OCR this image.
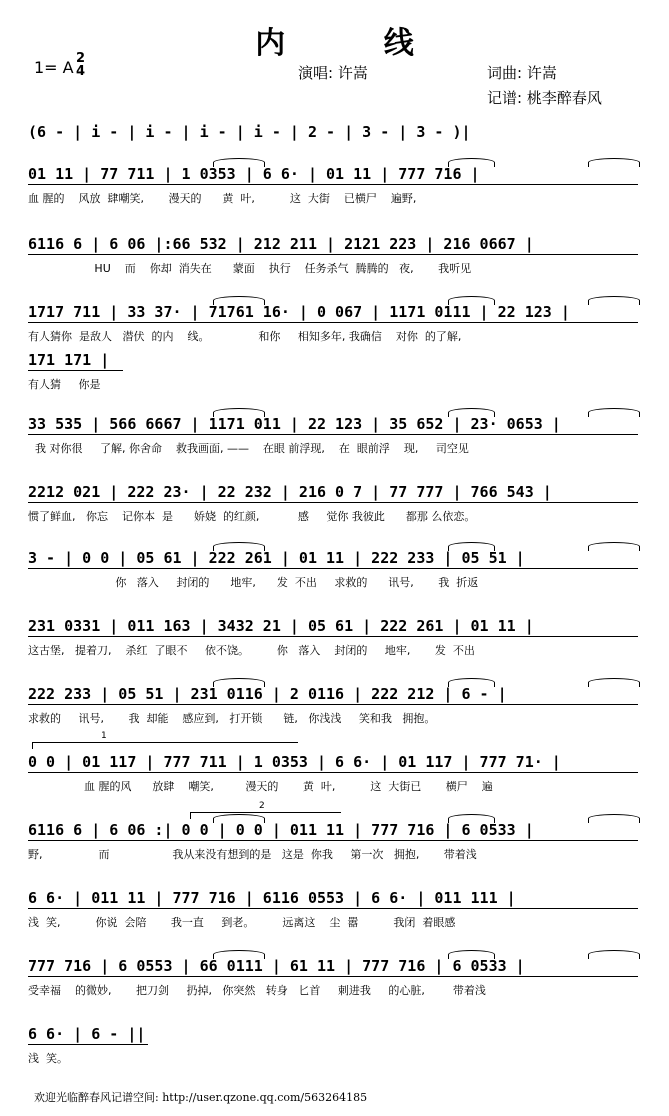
内 线
1= A 2
4	演唱: 许嵩	词曲: 许嵩
记谱: 桃李醉春风
(6 - | i - | i - | i - | i - | 2 - | 3 - | 3 - )|
01 11 | 77 711 | 1 0353 | 6 6· | 01 11 | 777 716 |
血 腥的    风放  肆嘲笑,       漫天的      黄  叶,          这  大街    已横尸    遍野,
6116 6 | 6 06 |:66 532 | 212 211 | 2121 223 | 216 0667 |
HU    而    你却  消失在      蒙面    执行    任务杀气  腾腾的   夜,       我听见
1717 711 | 33 37· | 71761 16· | 0 067 | 1171 0111 | 22 123 |
有人猜你  是敌人   潜伏  的内    线。              和你     相知多年, 我确信    对你  的了解,
171 171 |
有人猜     你是
33 535 | 566 6667 | 1171 011 | 22 123 | 35 652 | 23· 0653 |
我 对你很     了解, 你舍命    救我画面, ——    在眼 前浮现,    在  眼前浮    现,     司空见
2212 021 | 222 23· | 22 232 | 216 0 7 | 77 777 | 766 543 |
惯了鲜血,   你忘    记你本  是      娇娆  的红颜,           感     觉你 我彼此      都那 么依恋。
3 - | 0 0 | 05 61 | 222 261 | 01 11 | 222 233 | 05 51 |
你   落入     封闭的      地牢,      发  不出     求救的      讯号,       我  折返
231 0331 | 011 163 | 3432 21 | 05 61 | 222 261 | 01 11 |
这古堡,   提着刀,    杀红  了眼不     依不饶。        你   落入    封闭的     地牢,       发  不出
222 233 | 05 51 | 231 0116 | 2 0116 | 222 212 | 6 - |
求救的     讯号,       我  却能    感应到,   打开锁      链,   你浅浅     笑和我   拥抱。
0 0 | 01 117 | 777 711 | 1 0353 | 6 6· | 01 117 | 777 71· |
血 腥的风      放肆    嘲笑,         漫天的       黄  叶,          这  大街已       横尸    遍
6116 6 | 6 06 :| 0 0 | 0 0 | 011 11 | 777 716 | 6 0533 |
野,                而                  我从来没有想到的是   这是  你我     第一次   拥抱,       带着浅
6 6· | 011 11 | 777 716 | 6116 0553 | 6 6· | 011 111 |
浅  笑,          你说  会陪       我一直     到老。        远离这    尘  嚣          我闭  着眼感
777 716 | 6 0553 | 66 0111 | 61 11 | 777 716 | 6 0533 |
受幸福    的微妙,       把刀剑     扔掉,   你突然   转身   匕首     刺进我     的心脏,        带着浅
6 6· | 6 - ||
浅  笑。
1
2
欢迎光临醉春风记谱空间: http://user.qzone.qq.com/563264185
